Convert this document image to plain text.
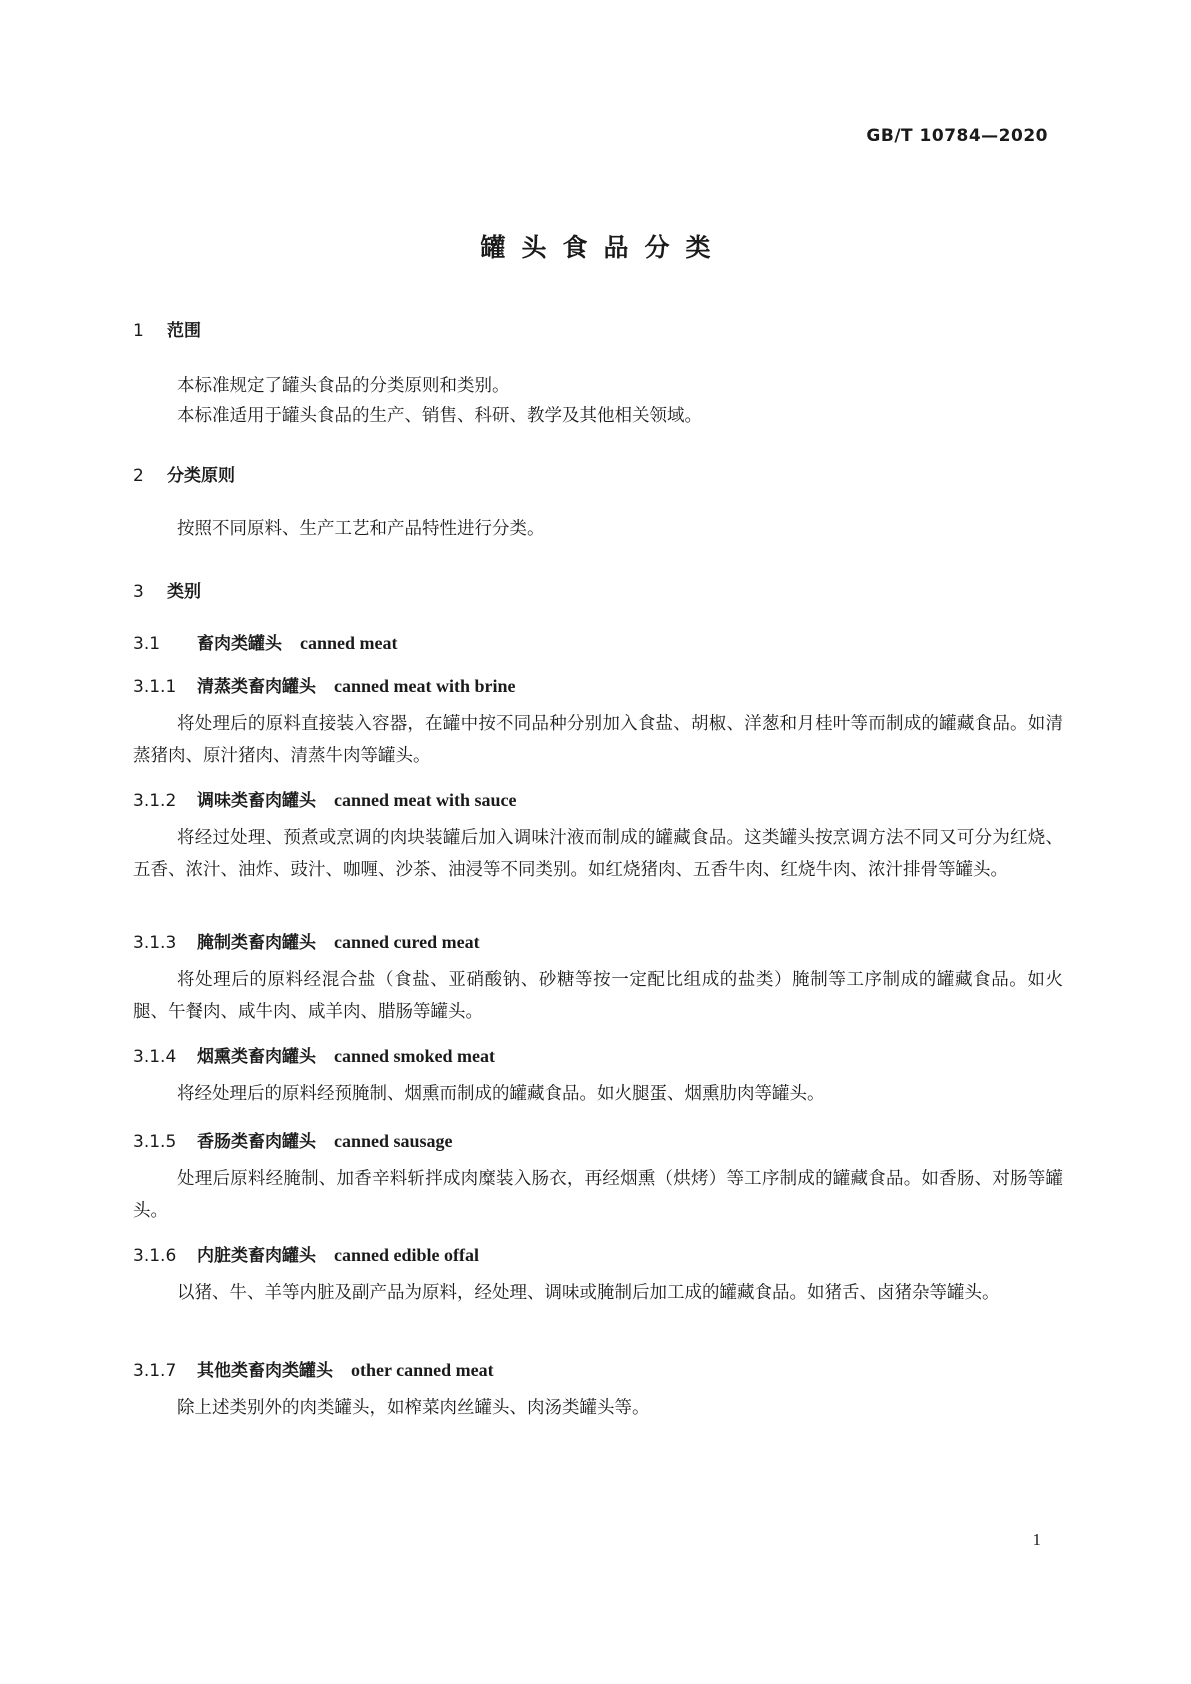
GB/T 10784—2020
罐头食品分类
1 范围
本标准规定了罐头食品的分类原则和类别。
本标准适用于罐头食品的生产、销售、科研、教学及其他相关领域。
2 分类原则
按照不同原料、生产工艺和产品特性进行分类。
3 类别
3.1 畜肉类罐头 canned meat
3.1.1 清蒸类畜肉罐头 canned meat with brine
将处理后的原料直接装入容器，在罐中按不同品种分别加入食盐、胡椒、洋葱和月桂叶等而制成的罐藏食品。如清蒸猪肉、原汁猪肉、清蒸牛肉等罐头。
3.1.2 调味类畜肉罐头 canned meat with sauce
将经过处理、预煮或烹调的肉块装罐后加入调味汁液而制成的罐藏食品。这类罐头按烹调方法不同又可分为红烧、五香、浓汁、油炸、豉汁、咖喱、沙茶、油浸等不同类别。如红烧猪肉、五香牛肉、红烧牛肉、浓汁排骨等罐头。
3.1.3 腌制类畜肉罐头 canned cured meat
将处理后的原料经混合盐（食盐、亚硝酸钠、砂糖等按一定配比组成的盐类）腌制等工序制成的罐藏食品。如火腿、午餐肉、咸牛肉、咸羊肉、腊肠等罐头。
3.1.4 烟熏类畜肉罐头 canned smoked meat
将经处理后的原料经预腌制、烟熏而制成的罐藏食品。如火腿蛋、烟熏肋肉等罐头。
3.1.5 香肠类畜肉罐头 canned sausage
处理后原料经腌制、加香辛料斩拌成肉糜装入肠衣，再经烟熏（烘烤）等工序制成的罐藏食品。如香肠、对肠等罐头。
3.1.6 内脏类畜肉罐头 canned edible offal
以猪、牛、羊等内脏及副产品为原料，经处理、调味或腌制后加工成的罐藏食品。如猪舌、卤猪杂等罐头。
3.1.7 其他类畜肉类罐头 other canned meat
除上述类别外的肉类罐头，如榨菜肉丝罐头、肉汤类罐头等。
1
